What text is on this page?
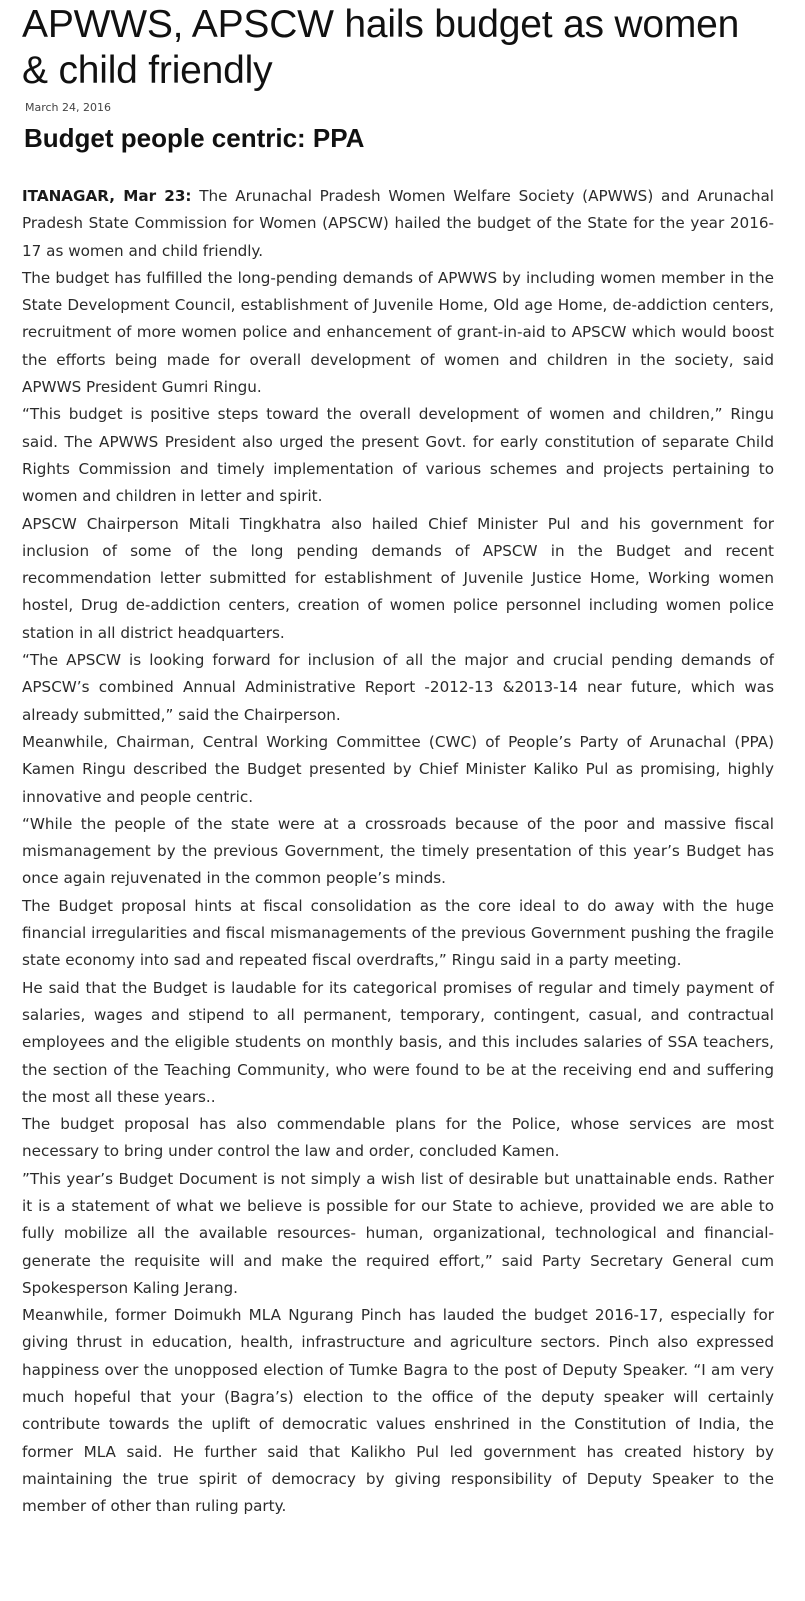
APWWS, APSCW hails budget as women & child friendly
March 24, 2016
Budget people centric: PPA

ITANAGAR, Mar 23: The Arunachal Pradesh Women Welfare Society (APWWS) and Arunachal Pradesh State Commission for Women (APSCW) hailed the budget of the State for the year 2016-17 as women and child friendly.

The budget has fulfilled the long-pending demands of APWWS by including women member in the State Development Council, establishment of Juvenile Home, Old age Home, de-addiction centers, recruitment of more women police and enhancement of grant-in-aid to APSCW which would boost the efforts being made for overall development of women and children in the society, said APWWS President Gumri Ringu.

“This budget is positive steps toward the overall development of women and children,” Ringu said. The APWWS President also urged the present Govt. for early constitution of separate Child Rights Commission and timely implementation of various schemes and projects pertaining to women and children in letter and spirit.

APSCW Chairperson Mitali Tingkhatra also hailed Chief Minister Pul and his government for inclusion of some of the long pending demands of APSCW in the Budget and recent recommendation letter submitted for establishment of Juvenile Justice Home, Working women hostel, Drug de-addiction centers, creation of women police personnel including women police station in all district headquarters.

“The APSCW is looking forward for inclusion of all the major and crucial pending demands of APSCW’s combined Annual Administrative Report -2012-13 &2013-14 near future, which was already submitted,” said the Chairperson.

Meanwhile, Chairman, Central Working Committee (CWC) of People’s Party of Arunachal (PPA) Kamen Ringu described the Budget presented by Chief Minister Kaliko Pul as promising, highly innovative and people centric.

“While the people of the state were at a crossroads because of the poor and massive fiscal mismanagement by the previous Government, the timely presentation of this year’s Budget has once again rejuvenated in the common people’s minds.

The Budget proposal hints at fiscal consolidation as the core ideal to do away with the huge financial irregularities and fiscal mismanagements of the previous Government pushing the fragile state economy into sad and repeated fiscal overdrafts,” Ringu said in a party meeting.

He said that the Budget is laudable for its categorical promises of regular and timely payment of salaries, wages and stipend to all permanent, temporary, contingent, casual, and contractual employees and the eligible students on monthly basis, and this includes salaries of SSA teachers, the section of the Teaching Community, who were found to be at the receiving end and suffering the most all these years..

The budget proposal has also commendable plans for the Police, whose services are most necessary to bring under control the law and order, concluded Kamen.

”This year’s Budget Document is not simply a wish list of desirable but unattainable ends. Rather it is a statement of what we believe is possible for our State to achieve, provided we are able to fully mobilize all the available resources- human, organizational, technological and financial- generate the requisite will and make the required effort,” said Party Secretary General cum Spokesperson Kaling Jerang.

Meanwhile, former Doimukh MLA Ngurang Pinch has lauded the budget 2016-17, especially for giving thrust in education, health, infrastructure and agriculture sectors. Pinch also expressed happiness over the unopposed election of Tumke Bagra to the post of Deputy Speaker. “I am very much hopeful that your (Bagra’s) election to the office of the deputy speaker will certainly contribute towards the uplift of democratic values enshrined in the Constitution of India, the former MLA said. He further said that Kalikho Pul led government has created history by maintaining the true spirit of democracy by giving responsibility of Deputy Speaker to the member of other than ruling party.
